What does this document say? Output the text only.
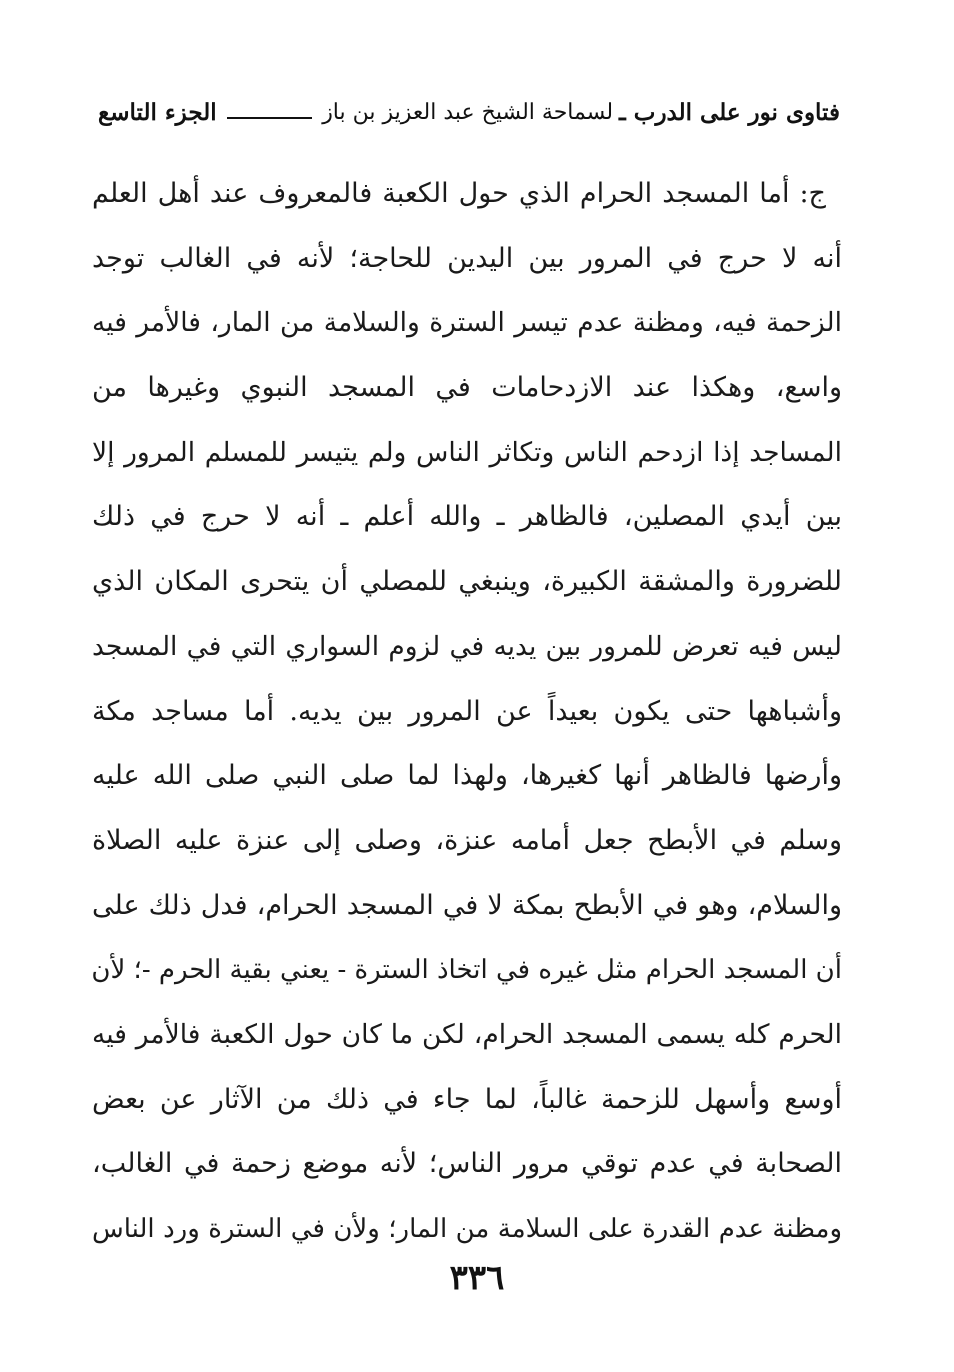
فتاوى نور على الدرب ـ
لسماحة الشيخ عبد العزيز بن باز
الجزء التاسع
ج: أما المسجد الحرام الذي حول الكعبة فالمعروف عند أهل العلم
أنه لا حرج في المرور بين اليدين للحاجة؛ لأنه في الغالب توجد
الزحمة فيه، ومظنة عدم تيسر السترة والسلامة من المار، فالأمر فيه
واسع، وهكذا عند الازدحامات في المسجد النبوي وغيرها من
المساجد إذا ازدحم الناس وتكاثر الناس ولم يتيسر للمسلم المرور إلا
بين أيدي المصلين، فالظاهر ـ والله أعلم ـ أنه لا حرج في ذلك
للضرورة والمشقة الكبيرة، وينبغي للمصلي أن يتحرى المكان الذي
ليس فيه تعرض للمرور بين يديه في لزوم السواري التي في المسجد
وأشباهها حتى يكون بعيداً عن المرور بين يديه. أما مساجد مكة
وأرضها فالظاهر أنها كغيرها، ولهذا لما صلى النبي صلى الله عليه
وسلم في الأبطح جعل أمامه عنزة، وصلى إلى عنزة عليه الصلاة
والسلام، وهو في الأبطح بمكة لا في المسجد الحرام، فدل ذلك على
أن المسجد الحرام مثل غيره في اتخاذ السترة - يعني بقية الحرم -؛ لأن
الحرم كله يسمى المسجد الحرام، لكن ما كان حول الكعبة فالأمر فيه
أوسع وأسهل للزحمة غالباً، لما جاء في ذلك من الآثار عن بعض
الصحابة في عدم توقي مرور الناس؛ لأنه موضع زحمة في الغالب،
ومظنة عدم القدرة على السلامة من المار؛ ولأن في السترة ورد الناس
٣٣٦
